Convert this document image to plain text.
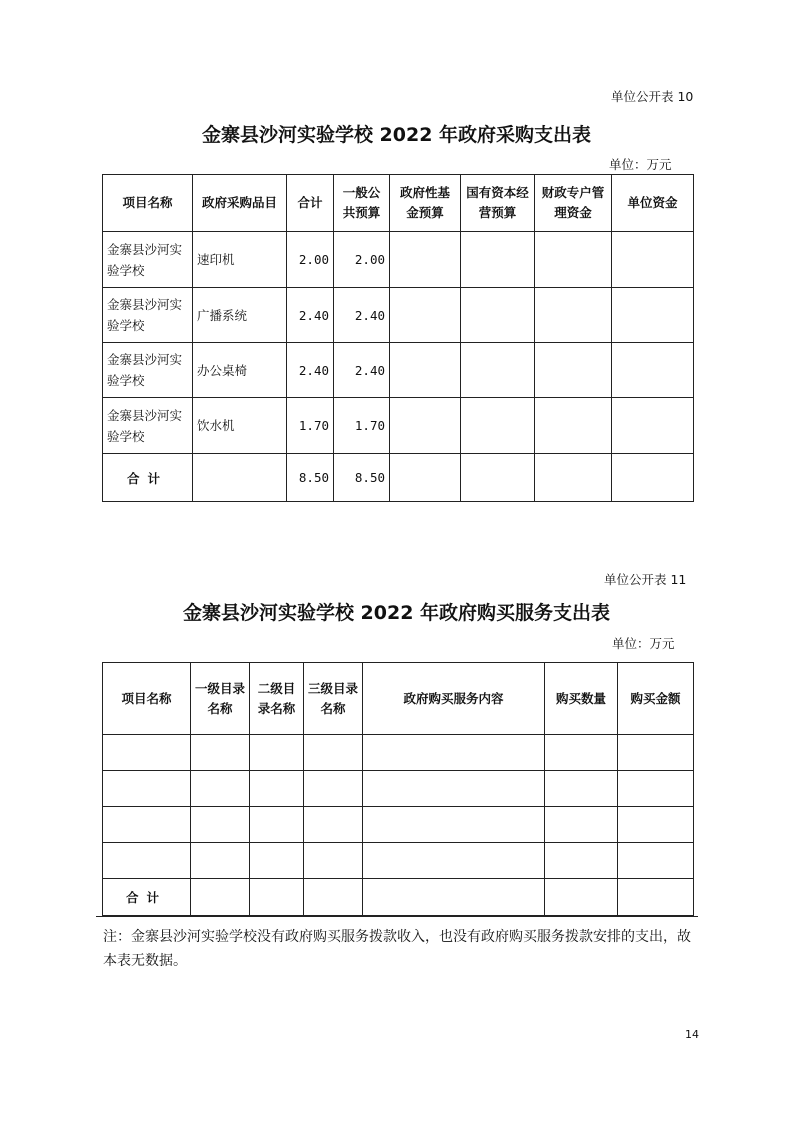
单位公开表 10
金寨县沙河实验学校 2022 年政府采购支出表
单位：万元
项目名称	政府采购品目	合计	一般公共预算	政府性基金预算	国有资本经营预算	财政专户管理资金	单位资金
金寨县沙河实验学校	速印机	2.00	2.00				
金寨县沙河实验学校	广播系统	2.40	2.40				
金寨县沙河实验学校	办公桌椅	2.40	2.40				
金寨县沙河实验学校	饮水机	1.70	1.70				
合计		8.50	8.50				
单位公开表 11
金寨县沙河实验学校 2022 年政府购买服务支出表
单位：万元
项目名称	一级目录名称	二级目录名称	三级目录名称	政府购买服务内容	购买数量	购买金额

合计						
注：金寨县沙河实验学校没有政府购买服务拨款收入，也没有政府购买服务拨款安排的支出，故本表无数据。
14
